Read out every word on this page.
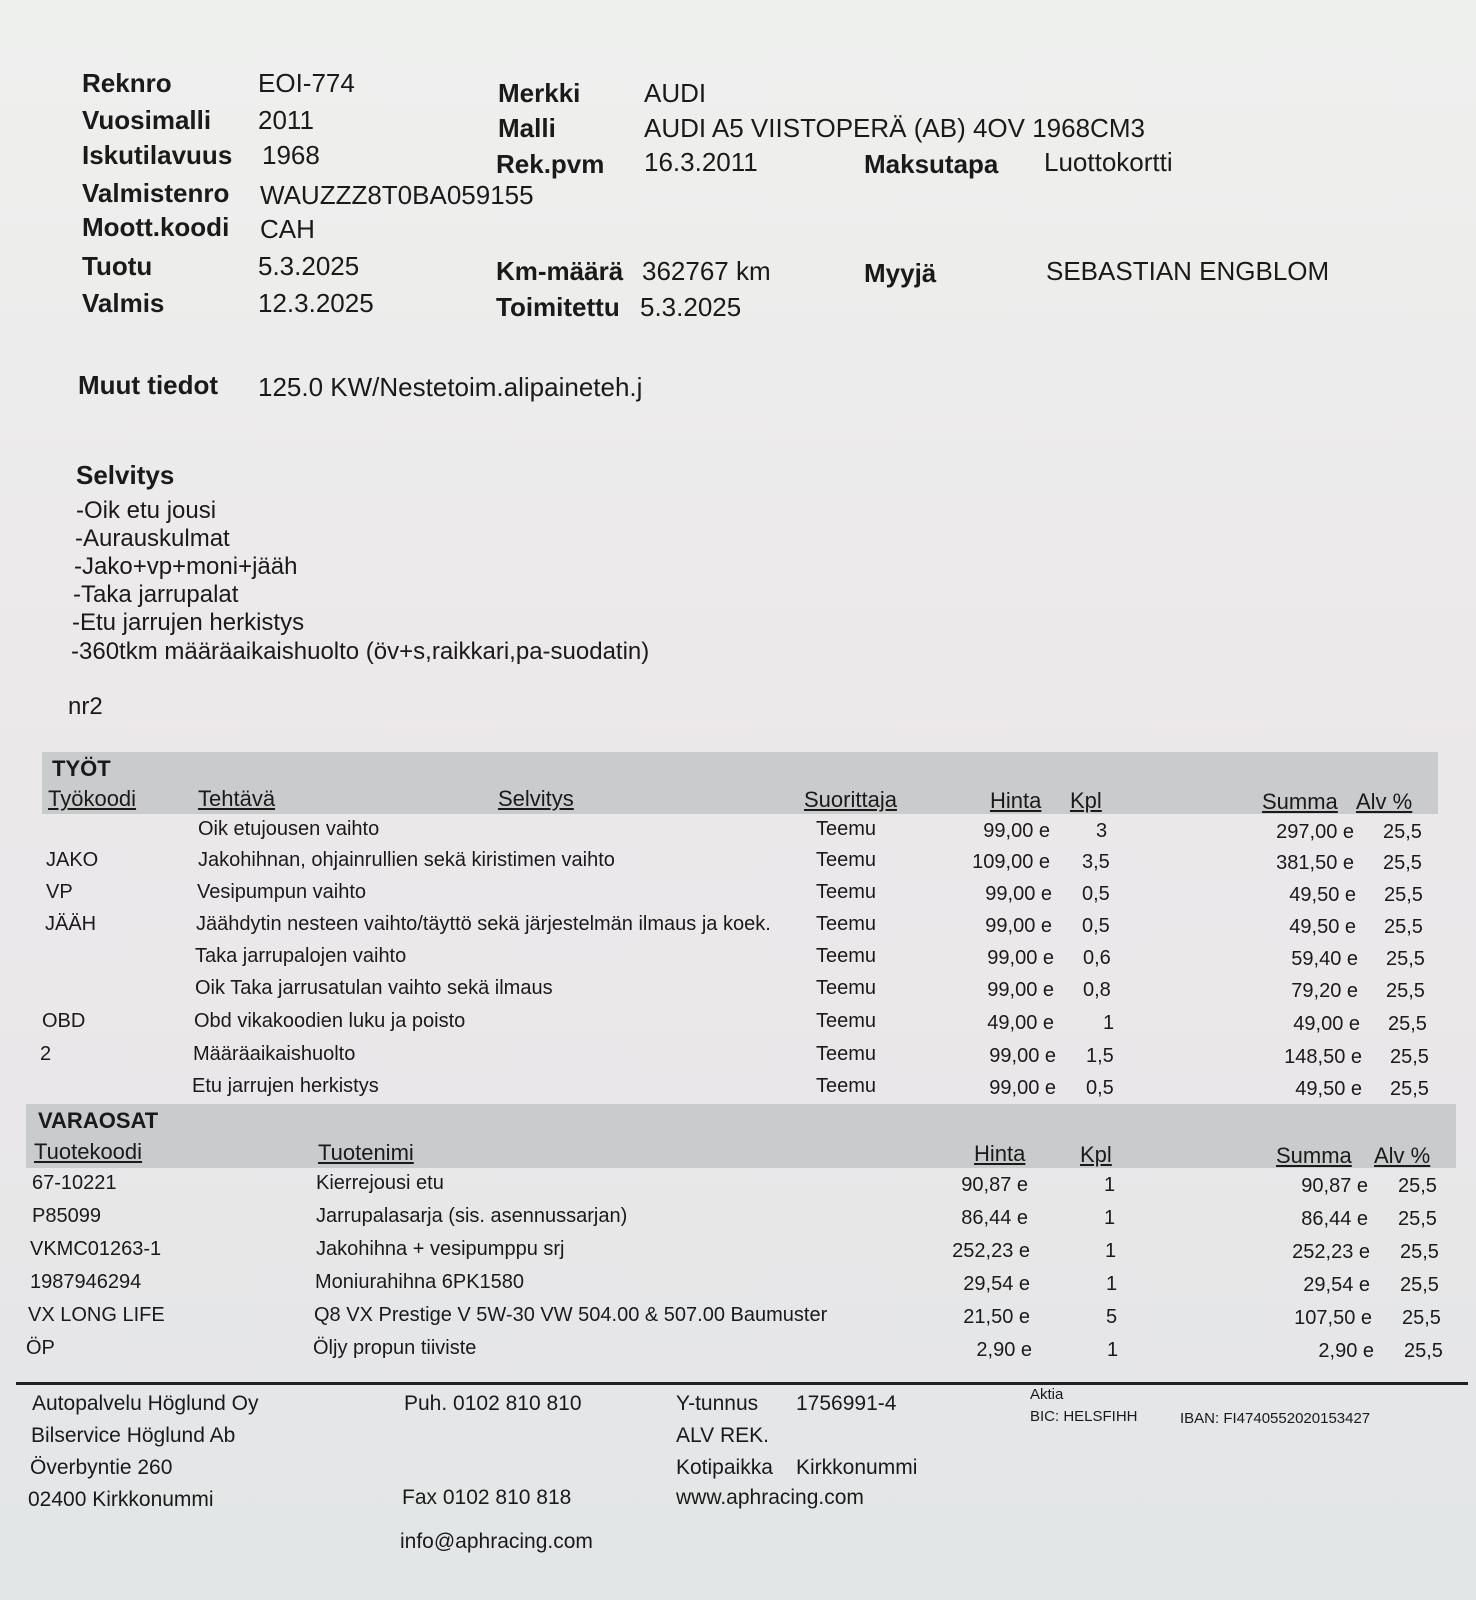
Reknro	EOI-774
Vuosimalli 2011
Iskutilavuus 1968
Valmistenro WAUZZZ8T0BA059155
Moott.koodi CAH
Tuotu	5.3.2025
Valmis	12.3.2025
Merkki AUDI
Malli	AUDI A5 VIISTOPERÄ (AB) 4OV 1968CM3
Rek.pvm 16.3.2011	Maksutapa Luottokortti
Km-määrä 362767 km	Myyjä	SEBASTIAN ENGBLOM
Toimitettu 5.3.2025
Muut tiedot 125.0 KW/Nestetoim.alipaineteh.j
Selvitys
-Oik etu jousi
-Aurauskulmat
-Jako+vp+moni+jääh
-Taka jarrupalat
-Etu jarrujen herkistys
-360tkm määräaikaishuolto (öv+s,raikkari,pa-suodatin)
nr2
TYÖT
Työkoodi	Tehtävä	Selvitys	Suorittaja	Hinta Kpl	Summa Alv %
Oik etujousen vaihto	Teemu	99,00 e 3	297,00 e 25,5
JAKO	Jakohihnan, ohjainrullien sekä kiristimen vaihto	Teemu	109,00 e 3,5	381,50 e 25,5
VP	Vesipumpun vaihto	Teemu	99,00 e 0,5	49,50 e 25,5
JÄÄH	Jäähdytin nesteen vaihto/täyttö sekä järjestelmän ilmaus ja koek. Teemu	99,00 e 0,5	49,50 e 25,5
Taka jarrupalojen vaihto	Teemu	99,00 e 0,6	59,40 e 25,5
Oik Taka jarrusatulan vaihto sekä ilmaus	Teemu	99,00 e 0,8	79,20 e 25,5
OBD	Obd vikakoodien luku ja poisto	Teemu	49,00 e 1	49,00 e 25,5
2	Määräaikaishuolto	Teemu	99,00 e 1,5	148,50 e 25,5
Etu jarrujen herkistys	Teemu	99,00 e 0,5	49,50 e 25,5
VARAOSAT
Tuotekoodi	Tuotenimi	Hinta Kpl	Summa Alv %
67-10221	Kierrejousi etu	90,87 e	1	90,87 e 25,5
P85099	Jarrupalasarja (sis. asennussarjan)	86,44 e	1	86,44 e 25,5
VKMC01263-1	Jakohihna + vesipumppu srj	252,23 e	1	252,23 e 25,5
1987946294	Moniurahihna 6PK1580	29,54 e	1	29,54 e 25,5
VX LONG LIFE	Q8 VX Prestige V 5W-30 VW 504.00 & 507.00 Baumuster	21,50 e	5	107,50 e 25,5
ÖP	Öljy propun tiiviste	2,90 e	1	2,90 e 25,5
Autopalvelu Höglund Oy
Bilservice Höglund Ab
Överbyntie 260
02400 Kirkkonummi
Puh. 0102 810 810
Fax 0102 810 818
info@aphracing.com
Y-tunnus 1756991-4
ALV REK.
Kotipaikka Kirkkonummi
www.aphracing.com
Aktia
BIC: HELSFIHH	IBAN: FI4740552020153427
